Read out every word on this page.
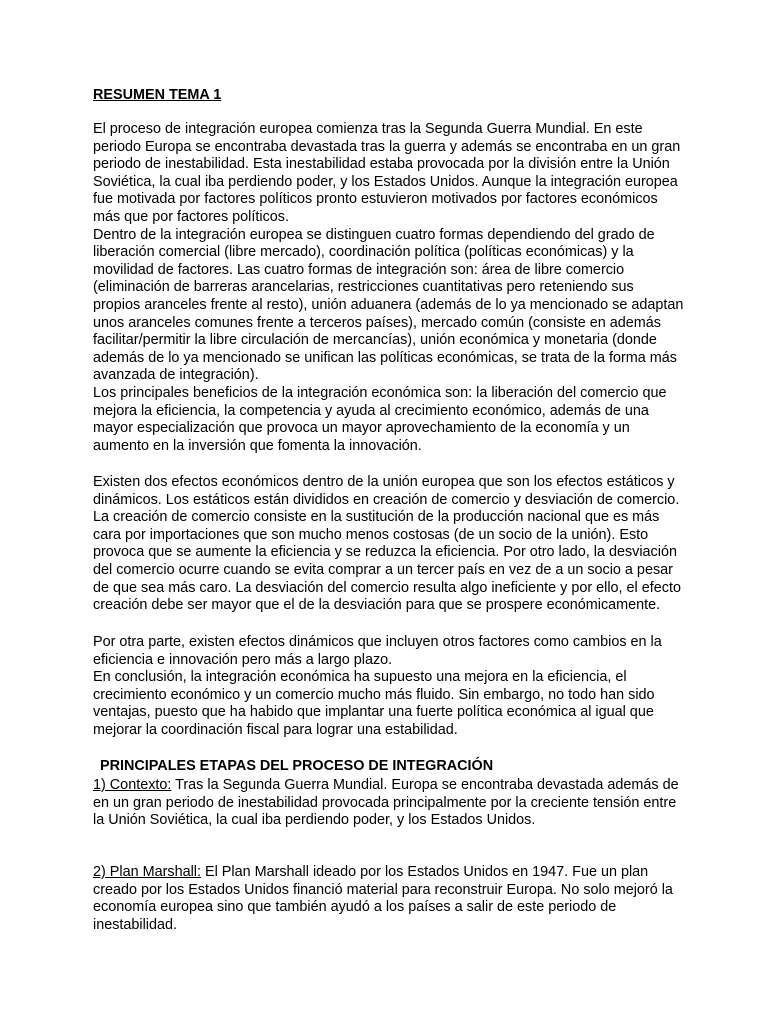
RESUMEN TEMA 1
El proceso de integración europea comienza tras la Segunda Guerra Mundial. En este
periodo Europa se encontraba devastada tras la guerra y además se encontraba en un gran
periodo de inestabilidad. Esta inestabilidad estaba provocada por la división entre la Unión
Soviética, la cual iba perdiendo poder, y los Estados Unidos. Aunque la integración europea
fue motivada por factores políticos pronto estuvieron motivados por factores económicos
más que por factores políticos.
Dentro de la integración europea se distinguen cuatro formas dependiendo del grado de
liberación comercial (libre mercado), coordinación política (políticas económicas) y la
movilidad de factores. Las cuatro formas de integración son: área de libre comercio
(eliminación de barreras arancelarias, restricciones cuantitativas pero reteniendo sus
propios aranceles frente al resto), unión aduanera (además de lo ya mencionado se adaptan
unos aranceles comunes frente a terceros países), mercado común (consiste en además
facilitar/permitir la libre circulación de mercancías), unión económica y monetaria (donde
además de lo ya mencionado se unifican las políticas económicas, se trata de la forma más
avanzada de integración).
Los principales beneficios de la integración económica son: la liberación del comercio que
mejora la eficiencia, la competencia y ayuda al crecimiento económico, además de una
mayor especialización que provoca un mayor aprovechamiento de la economía y un
aumento en la inversión que fomenta la innovación.
Existen dos efectos económicos dentro de la unión europea que son los efectos estáticos y
dinámicos. Los estáticos están divididos en creación de comercio y desviación de comercio.
La creación de comercio consiste en la sustitución de la producción nacional que es más
cara por importaciones que son mucho menos costosas (de un socio de la unión). Esto
provoca que se aumente la eficiencia y se reduzca la eficiencia. Por otro lado, la desviación
del comercio ocurre cuando se evita comprar a un tercer país en vez de a un socio a pesar
de que sea más caro. La desviación del comercio resulta algo ineficiente y por ello, el efecto
creación debe ser mayor que el de la desviación para que se prospere económicamente.
Por otra parte, existen efectos dinámicos que incluyen otros factores como cambios en la
eficiencia e innovación pero más a largo plazo.
En conclusión, la integración económica ha supuesto una mejora en la eficiencia, el
crecimiento económico y un comercio mucho más fluido. Sin embargo, no todo han sido
ventajas, puesto que ha habido que implantar una fuerte política económica al igual que
mejorar la coordinación fiscal para lograr una estabilidad.
PRINCIPALES ETAPAS DEL PROCESO DE INTEGRACIÓN
1) Contexto: Tras la Segunda Guerra Mundial. Europa se encontraba devastada además de
en un gran periodo de inestabilidad provocada principalmente por la creciente tensión entre
la Unión Soviética, la cual iba perdiendo poder, y los Estados Unidos.
2) Plan Marshall: El Plan Marshall ideado por los Estados Unidos en 1947. Fue un plan
creado por los Estados Unidos financió material para reconstruir Europa. No solo mejoró la
economía europea sino que también ayudó a los países a salir de este periodo de
inestabilidad.
